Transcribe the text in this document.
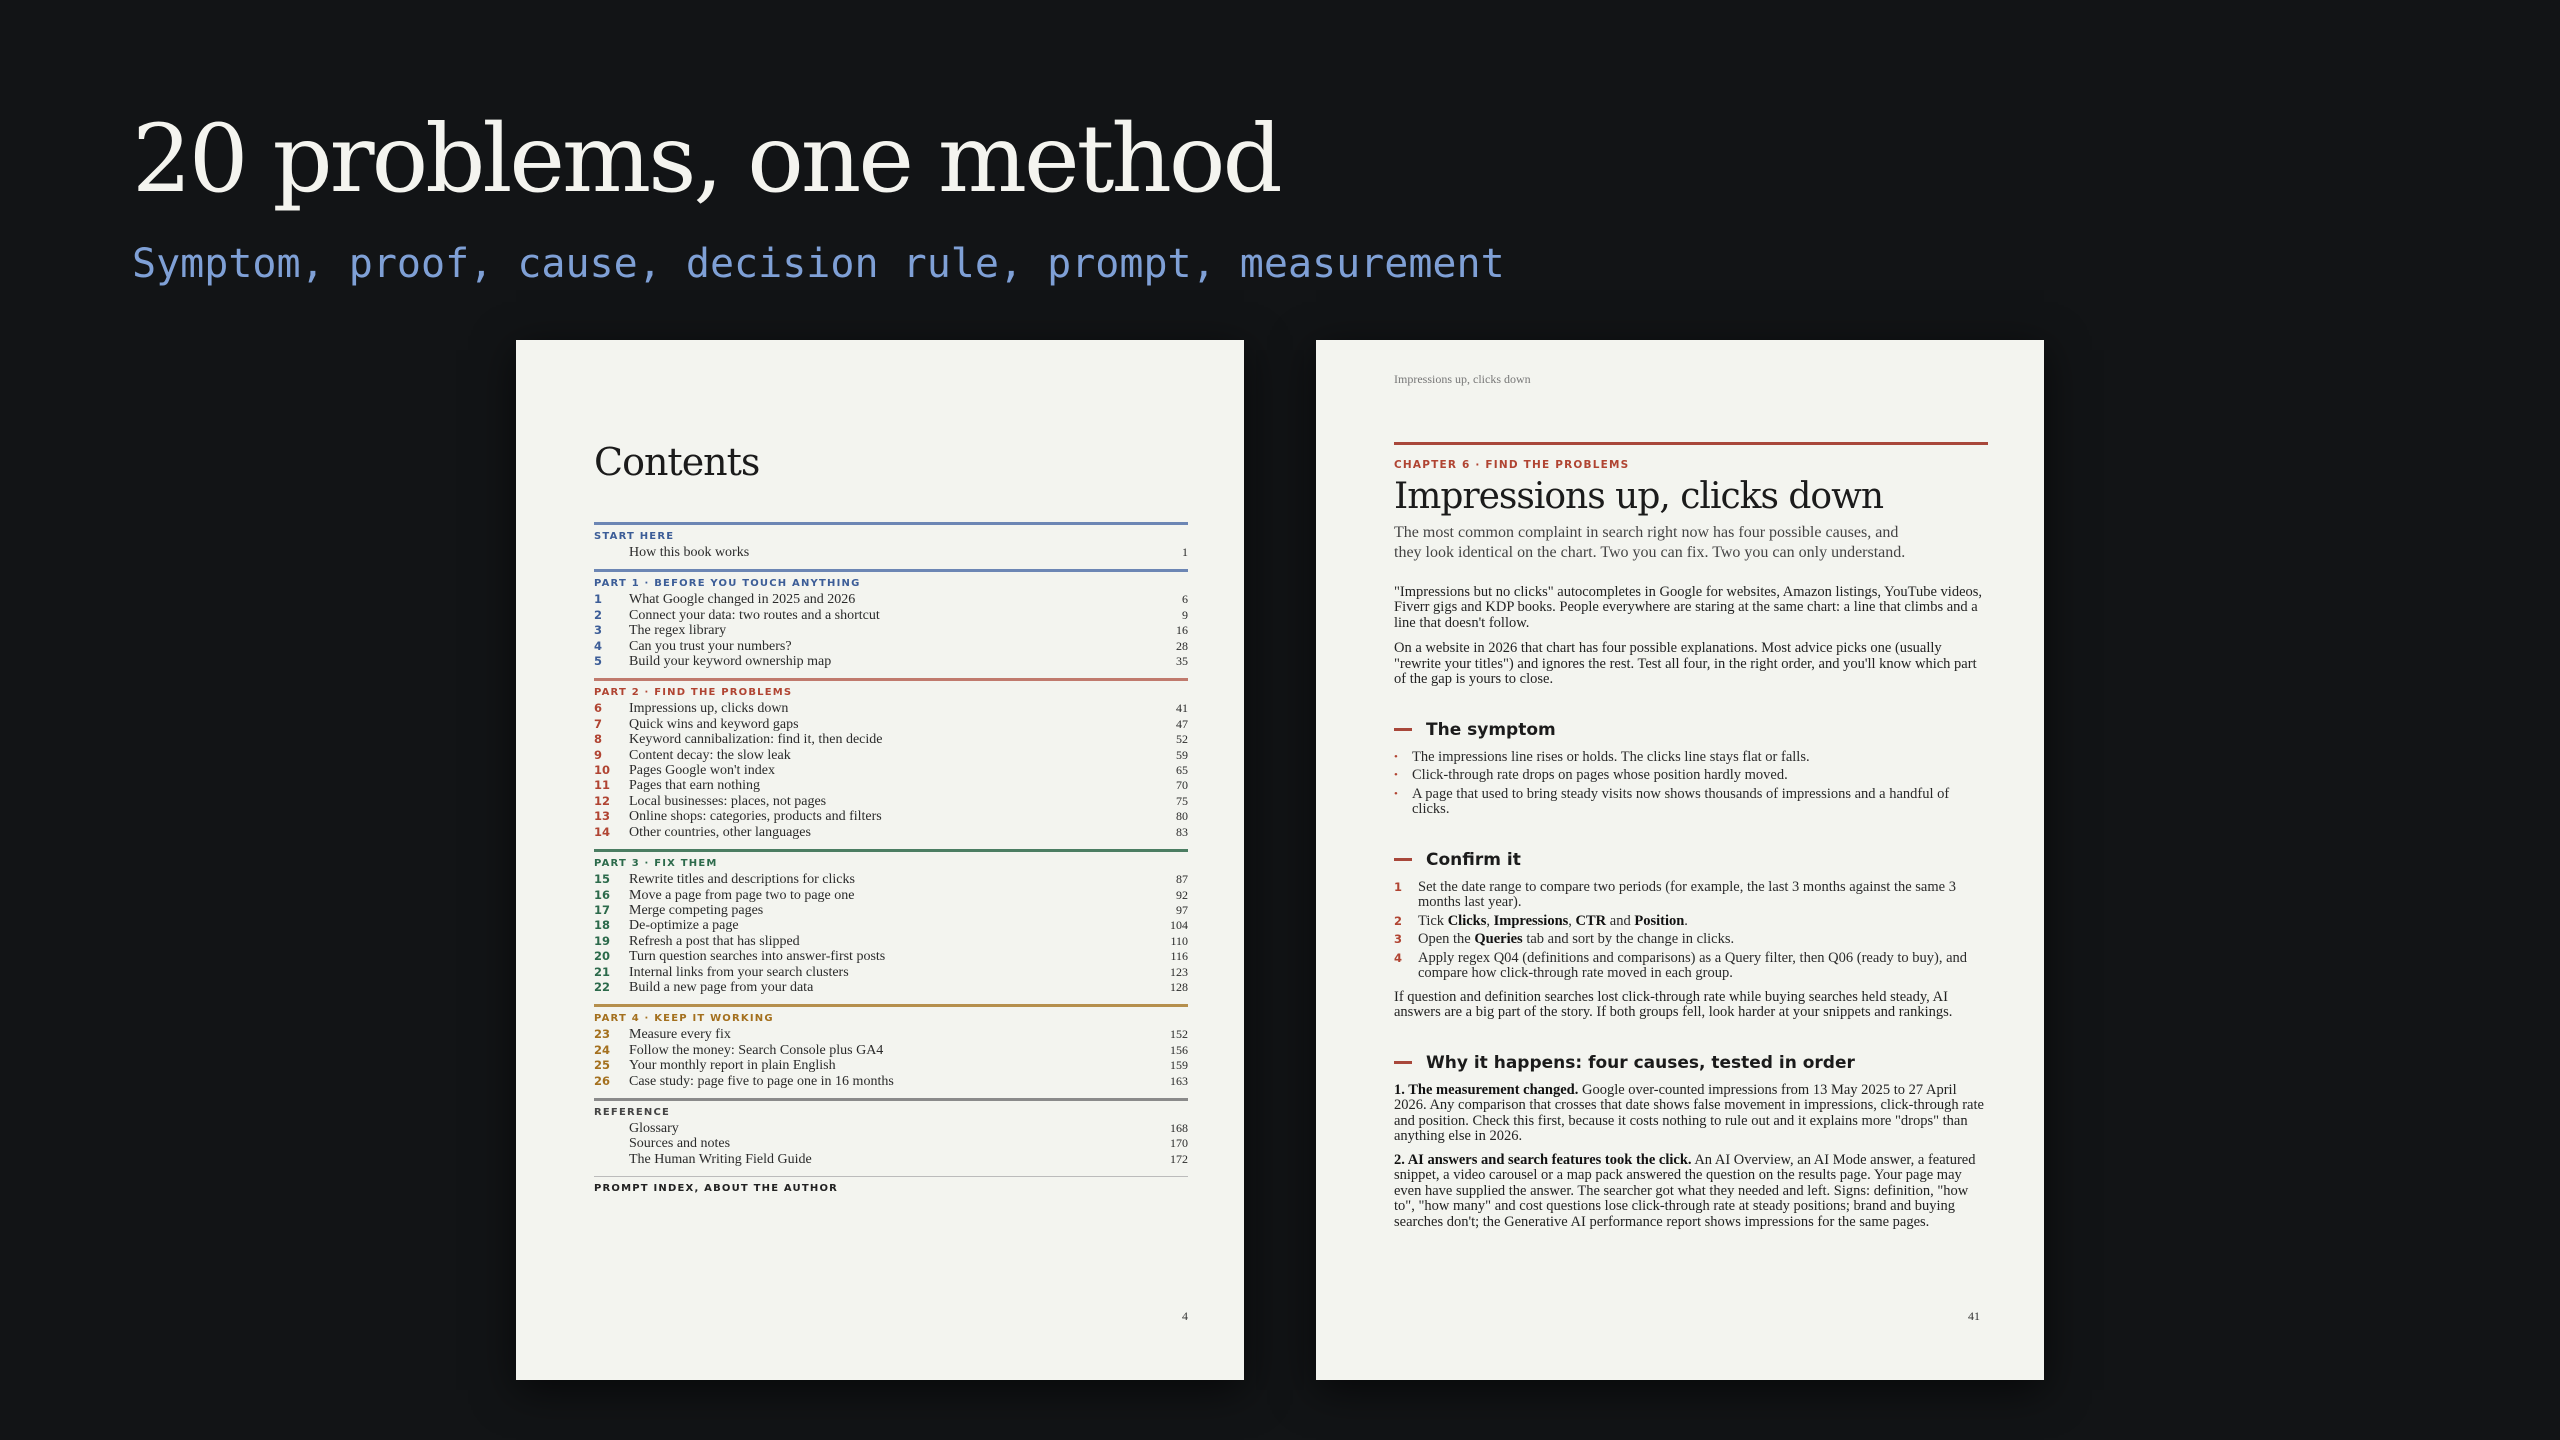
20 problems, one method

Symptom, proof, cause, decision rule, prompt, measurement

Contents
START HERE
How this book works	1
PART 1 · BEFORE YOU TOUCH ANYTHING
1	What Google changed in 2025 and 2026	6
2	Connect your data: two routes and a shortcut	9
3	The regex library	16
4	Can you trust your numbers?	28
5	Build your keyword ownership map	35
PART 2 · FIND THE PROBLEMS
6	Impressions up, clicks down	41
7	Quick wins and keyword gaps	47
8	Keyword cannibalization: find it, then decide	52
9	Content decay: the slow leak	59
10	Pages Google won't index	65
11	Pages that earn nothing	70
12	Local businesses: places, not pages	75
13	Online shops: categories, products and filters	80
14	Other countries, other languages	83
PART 3 · FIX THEM
15	Rewrite titles and descriptions for clicks	87
16	Move a page from page two to page one	92
17	Merge competing pages	97
18	De-optimize a page	104
19	Refresh a post that has slipped	110
20	Turn question searches into answer-first posts	116
21	Internal links from your search clusters	123
22	Build a new page from your data	128
PART 4 · KEEP IT WORKING
23	Measure every fix	152
24	Follow the money: Search Console plus GA4	156
25	Your monthly report in plain English	159
26	Case study: page five to page one in 16 months	163
REFERENCE
Glossary	168
Sources and notes	170
The Human Writing Field Guide	172
PROMPT INDEX, ABOUT THE AUTHOR
4
Impressions up, clicks down
CHAPTER 6 · FIND THE PROBLEMS
Impressions up, clicks down

The most common complaint in search right now has four possible causes, and they look identical on the chart. Two you can fix. Two you can only understand.

"Impressions but no clicks" autocompletes in Google for websites, Amazon listings, YouTube videos, Fiverr gigs and KDP books. People everywhere are staring at the same chart: a line that climbs and a line that doesn't follow.

On a website in 2026 that chart has four possible explanations. Most advice picks one (usually "rewrite your titles") and ignores the rest. Test all four, in the right order, and you'll know which part of the gap is yours to close.

The symptom
• The impressions line rises or holds. The clicks line stays flat or falls.
• Click-through rate drops on pages whose position hardly moved.
• A page that used to bring steady visits now shows thousands of impressions and a handful of clicks.
Confirm it
1	Set the date range to compare two periods (for example, the last 3 months against the same 3 months last year).
2	Tick Clicks, Impressions, CTR and Position.
3	Open the Queries tab and sort by the change in clicks.
4	Apply regex Q04 (definitions and comparisons) as a Query filter, then Q06 (ready to buy), and compare how click-through rate moved in each group.

If question and definition searches lost click-through rate while buying searches held steady, AI answers are a big part of the story. If both groups fell, look harder at your snippets and rankings.

Why it happens: four causes, tested in order

1. The measurement changed. Google over-counted impressions from 13 May 2025 to 27 April 2026. Any comparison that crosses that date shows false movement in impressions, click-through rate and position. Check this first, because it costs nothing to rule out and it explains more "drops" than anything else in 2026.

2. AI answers and search features took the click. An AI Overview, an AI Mode answer, a featured snippet, a video carousel or a map pack answered the question on the results page. Your page may even have supplied the answer. The searcher got what they needed and left. Signs: definition, "how to", "how many" and cost questions lose click-through rate at steady positions; brand and buying searches don't; the Generative AI performance report shows impressions for the same pages.

41
